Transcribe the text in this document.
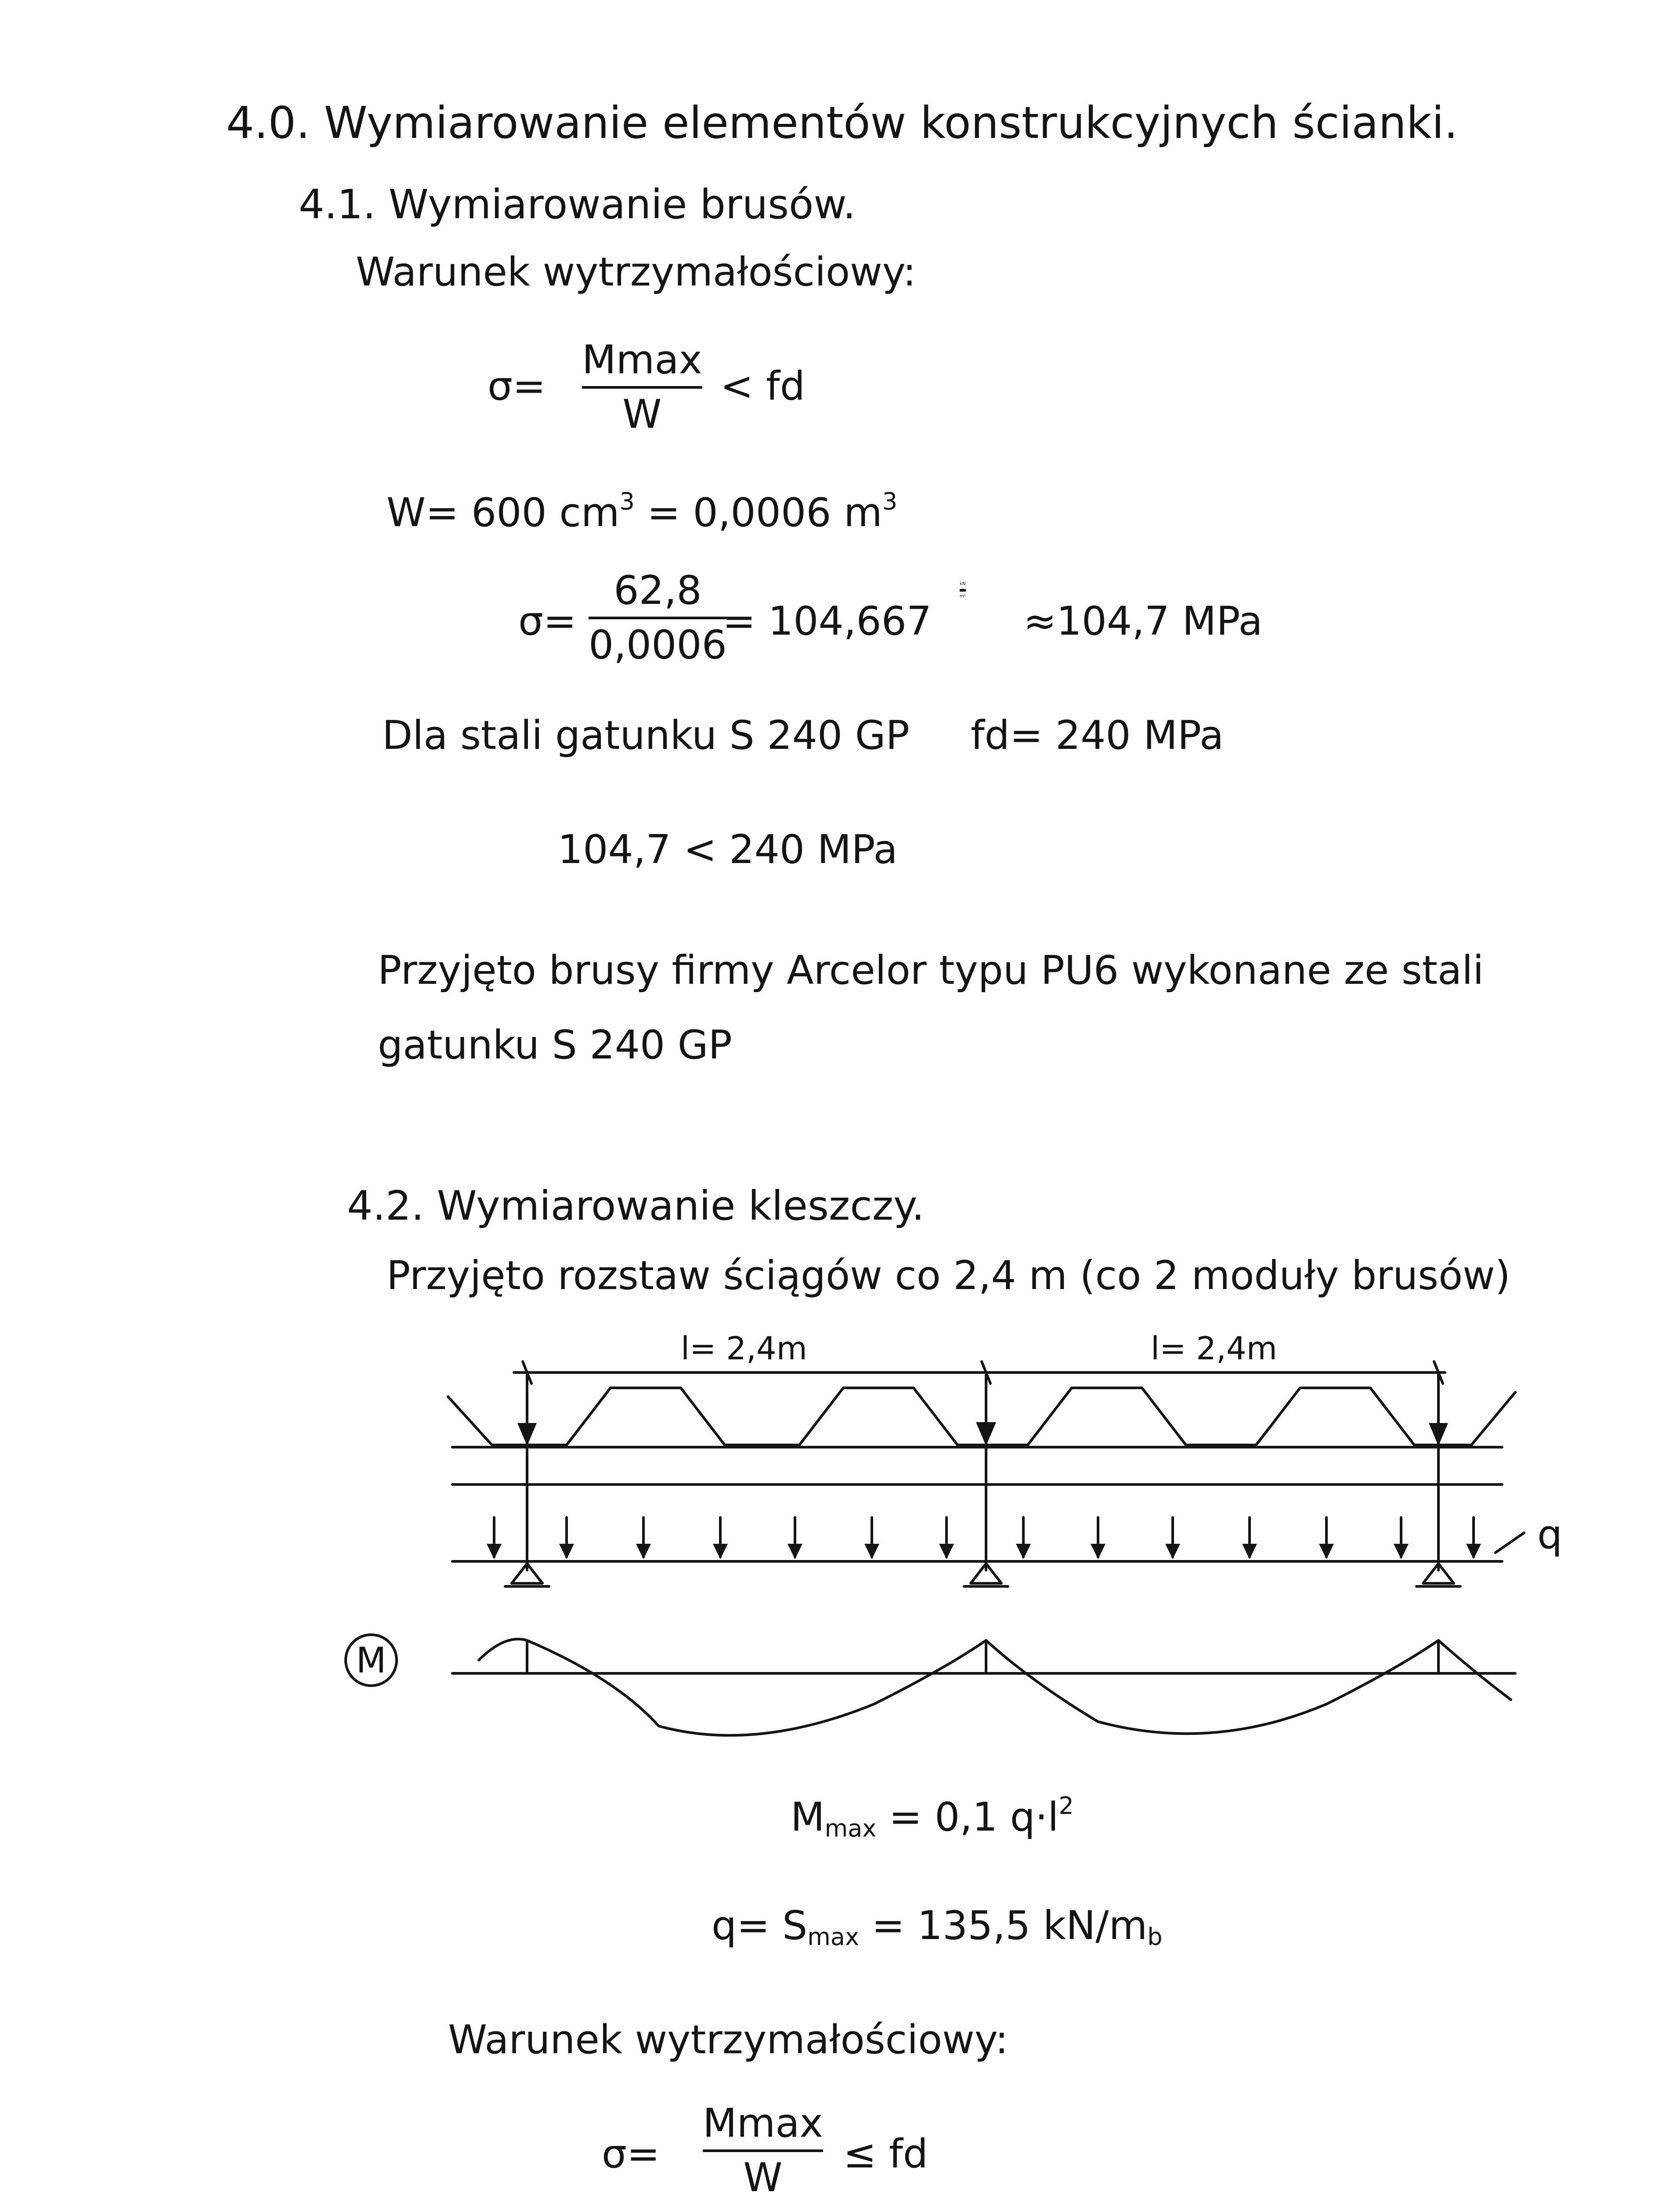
4.0. Wymiarowanie elementów konstrukcyjnych ścianki.
4.1. Wymiarowanie brusów.
Warunek wytrzymałościowy:
σ=
Mmax
W
< fd
W= 600 $cm^3 = 0,0006$ $m^3$
σ=
62,8
0,0006
= 104,667
kN
m²
≈104,7 MPa
Dla stali gatunku S 240 GP fd= 240 MPa
104,7 < 240 MPa
Przyjęto brusy firmy Arcelor typu PU6 wykonane ze stali
gatunku S 240 GP
4.2. Wymiarowanie kleszczy.
Przyjęto rozstaw ściągów co 2,4 m (co 2 moduły brusów)
l= 2,4m	l= 2,4m
q
M
$M_{max} = 0,1$ $q\cdot l^2$
$q= S_{max} = 135,5$ $kN/m_b$
Warunek wytrzymałościowy:
σ=
Mmax
W
≤ fd
